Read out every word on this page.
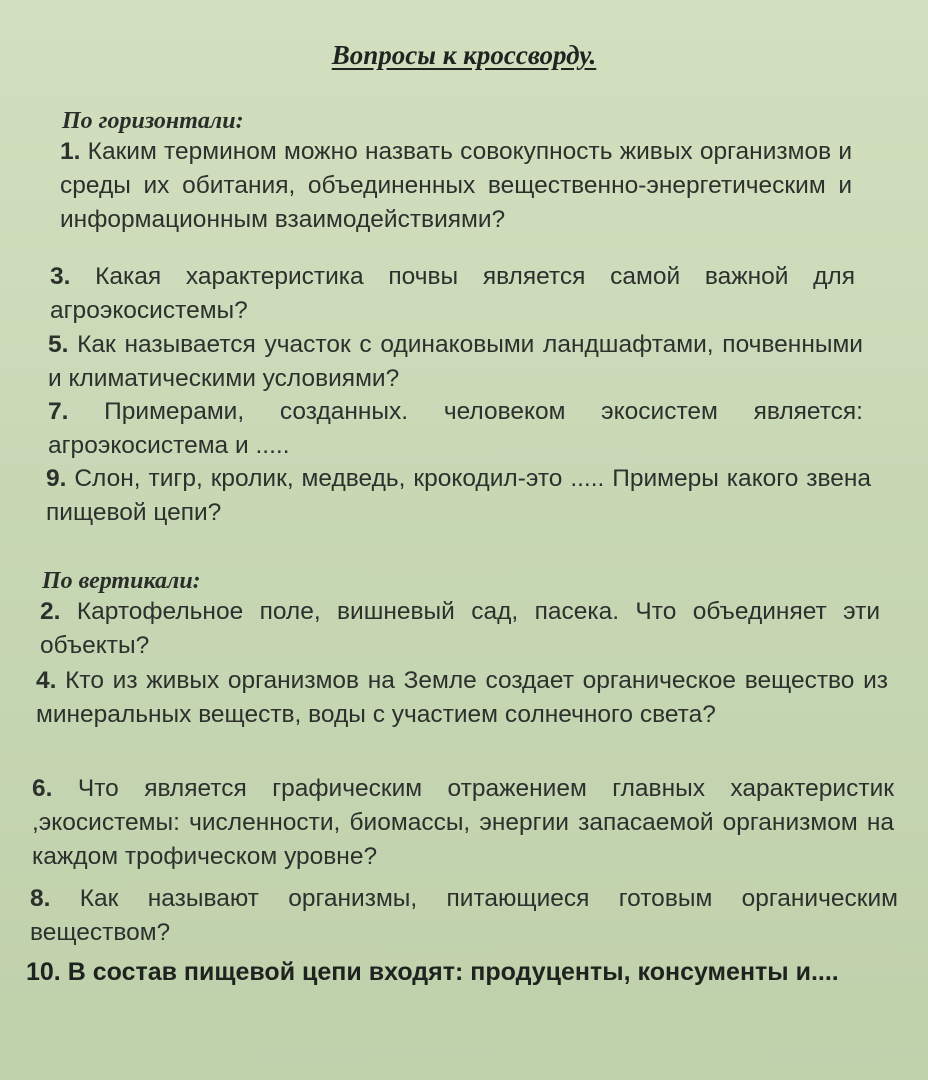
Вопросы к кроссворду.
По горизонтали:
1. Каким термином можно назвать совокупность живых организмов и среды их обитания, объединенных вещественно-энергетическим и информационным взаимодействиями?
3. Какая характеристика почвы является самой важной для агроэкосистемы?
5. Как называется участок с одинаковыми ландшафтами, почвенными и климатическими условиями?
7. Примерами, созданных. человеком экосистем является: агроэкосистема и .....
9. Слон, тигр, кролик, медведь, крокодил-это ..... Примеры какого звена пищевой цепи?
По вертикали:
2. Картофельное поле, вишневый сад, пасека. Что объединяет эти объекты?
4. Кто из живых организмов на Земле создает органическое вещество из минеральных веществ, воды с участием солнечного света?
6. Что является графическим отражением главных характеристик ,экосистемы: численности, биомассы, энергии запасаемой организмом на каждом трофическом уровне?
8. Как называют организмы, питающиеся готовым органическим веществом?
10. В состав пищевой цепи входят: продуценты, консументы и....
